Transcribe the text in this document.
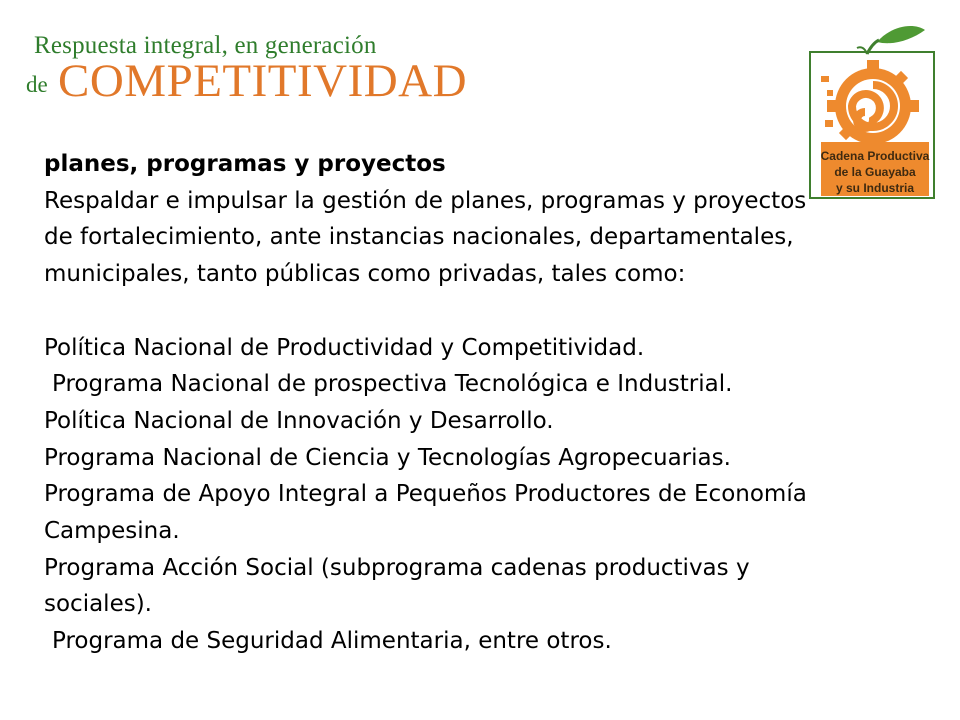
Respuesta integral, en generación
de COMPETITIVIDAD
Cadena Productiva
de la Guayaba
y su Industria

planes, programas y proyectos

Respaldar e impulsar la gestión de planes, programas y proyectos

de fortalecimiento, ante instancias nacionales, departamentales,

municipales, tanto públicas como privadas, tales como:

Política Nacional de Productividad y Competitividad.

Programa Nacional de prospectiva Tecnológica e Industrial.

Política Nacional de Innovación y Desarrollo.

Programa Nacional de Ciencia y Tecnologías Agropecuarias.

Programa de Apoyo Integral a Pequeños Productores de Economía

Campesina.

Programa Acción Social (subprograma cadenas productivas y

sociales).

Programa de Seguridad Alimentaria, entre otros.
